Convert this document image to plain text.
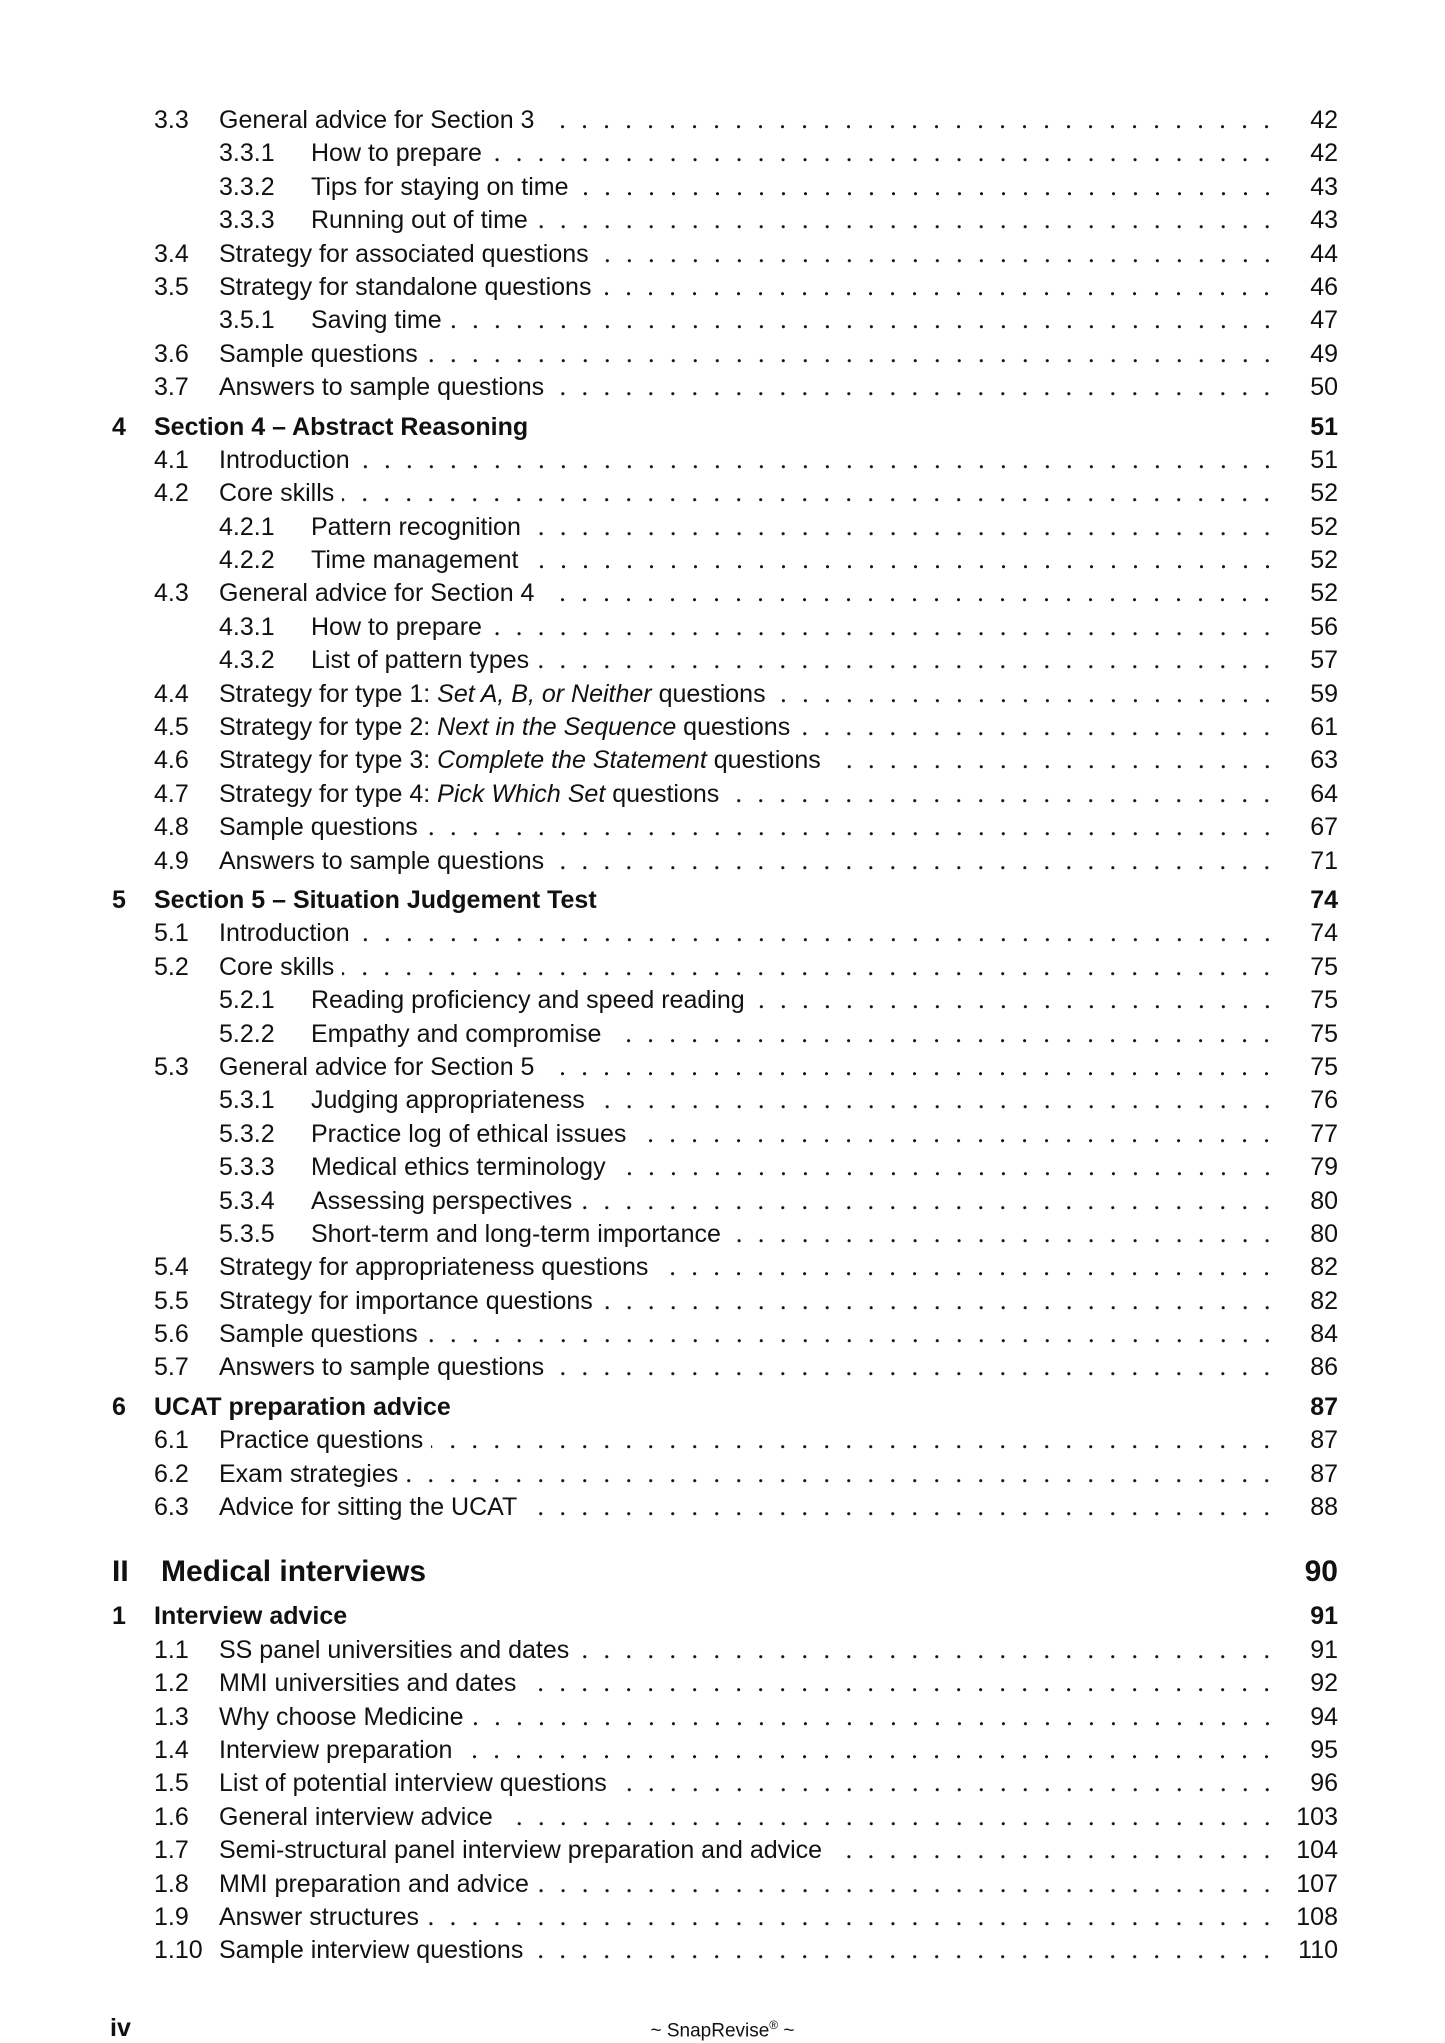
3.3	General advice for Section 3	42
3.3.1	How to prepare	42
3.3.2	Tips for staying on time	43
3.3.3	Running out of time	43
3.4	Strategy for associated questions	44
3.5	Strategy for standalone questions	46
3.5.1	Saving time	47
3.6	Sample questions	49
3.7	Answers to sample questions	50
4	Section 4 – Abstract Reasoning	51
4.1	Introduction	51
4.2	Core skills	52
4.2.1	Pattern recognition	52
4.2.2	Time management	52
4.3	General advice for Section 4	52
4.3.1	How to prepare	56
4.3.2	List of pattern types	57
4.4	Strategy for type 1: Set A, B, or Neither questions	59
4.5	Strategy for type 2: Next in the Sequence questions	61
4.6	Strategy for type 3: Complete the Statement questions	63
4.7	Strategy for type 4: Pick Which Set questions	64
4.8	Sample questions	67
4.9	Answers to sample questions	71
5	Section 5 – Situation Judgement Test	74
5.1	Introduction	74
5.2	Core skills	75
5.2.1	Reading proficiency and speed reading	75
5.2.2	Empathy and compromise	75
5.3	General advice for Section 5	75
5.3.1	Judging appropriateness	76
5.3.2	Practice log of ethical issues	77
5.3.3	Medical ethics terminology	79
5.3.4	Assessing perspectives	80
5.3.5	Short-term and long-term importance	80
5.4	Strategy for appropriateness questions	82
5.5	Strategy for importance questions	82
5.6	Sample questions	84
5.7	Answers to sample questions	86
6	UCAT preparation advice	87
6.1	Practice questions	87
6.2	Exam strategies	87
6.3	Advice for sitting the UCAT	88
II	Medical interviews	90
1	Interview advice	91
1.1	SS panel universities and dates	91
1.2	MMI universities and dates	92
1.3	Why choose Medicine	94
1.4	Interview preparation	95
1.5	List of potential interview questions	96
1.6	General interview advice	103
1.7	Semi-structural panel interview preparation and advice	104
1.8	MMI preparation and advice	107
1.9	Answer structures	108
1.10 Sample interview questions	110
iv	~ SnapRevise® ~
